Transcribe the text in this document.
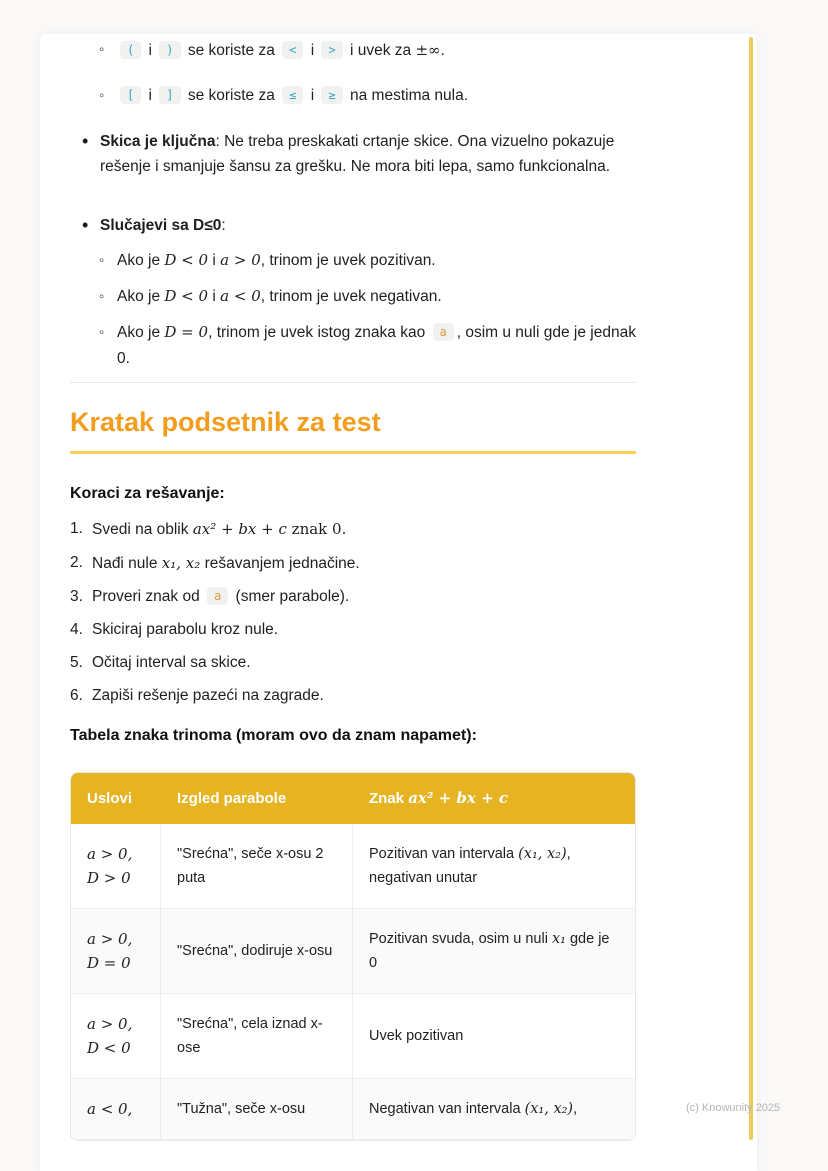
◦ ( i ) se koriste za < i > i uvek za ±∞.
◦ [ i ] se koriste za ≤ i ≥ na mestima nula.
• Skica je ključna: Ne treba preskakati crtanje skice. Ona vizuelno pokazuje rešenje i smanjuje šansu za grešku. Ne mora biti lepa, samo funkcionalna.
• Slučajevi sa D≤0:
◦ Ako je D < 0 i a > 0, trinom je uvek pozitivan.
◦ Ako je D < 0 i a < 0, trinom je uvek negativan.
◦ Ako je D = 0, trinom je uvek istog znaka kao a , osim u nuli gde je jednak 0.
Kratak podsetnik za test

Koraci za rešavanje:

Svedi na oblik ax² + bx + c znak 0.
Nađi nule x₁, x₂ rešavanjem jednačine.
Proveri znak od a (smer parabole).
Skiciraj parabolu kroz nule.
Očitaj interval sa skice.
Zapiši rešenje pazeći na zagrade.

Tabela znaka trinoma (moram ovo da znam napamet):

Uslovi	Izgled parabole	Znak ax² + bx + c

a > 0,
D > 0	"Srećna", seče x-osu 2 puta	Pozitivan van intervala (x₁, x₂), negativan unutar

a > 0,
D = 0	"Srećna", dodiruje x-osu	Pozitivan svuda, osim u nuli x₁ gde je 0

a > 0,
D < 0	"Srećna", cela iznad x-ose	Uvek pozitivan

a < 0,	"Tužna", seče x-osu	Negativan van intervala (x₁, x₂),	(c) Knowunity 2025
